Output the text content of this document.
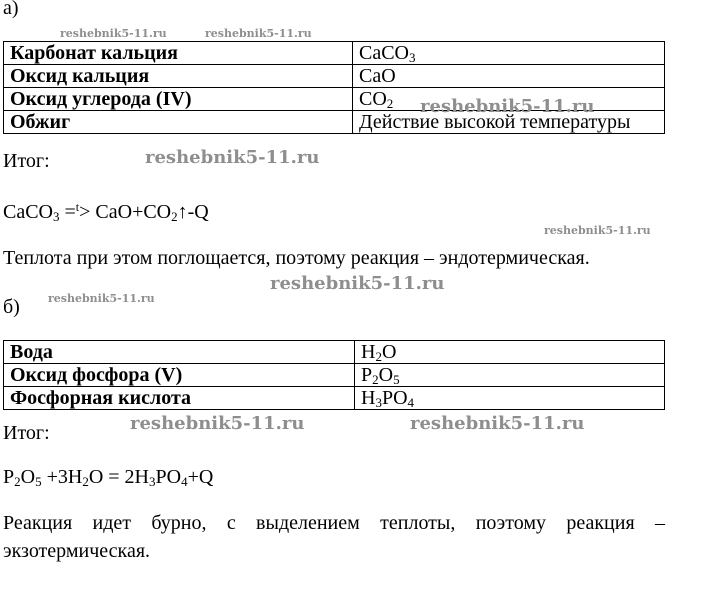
а)
reshebnik5-11.ru	reshebnik5-11.ru
Карбонат кальция	CaCO$_3$
Оксид кальция	CaO
Оксид углерода (IV)	$CO_2$
Обжиг	Действие высокой температуры
reshebnik5-11.ru
Итог:	reshebnik5-11.ru
CaCO$_3$ $=^t> CaO+CO_2↑-Q$
reshebnik5-11.ru
Теплота при этом поглощается, поэтому реакция – эндотермическая.
reshebnik5-11.ru
б)	reshebnik5-11.ru
Вода	$H_2O$
Оксид фосфора (V)	$P_2O_5$
Фосфорная кислота	$H_3PO_4$
Итог:	reshebnik5-11.ru	reshebnik5-11.ru
$P_2O_5 +3H_2O = 2H_3PO_4+Q$
Реакция идет бурно, с выделением теплоты, поэтому реакция –
экзотермическая.
